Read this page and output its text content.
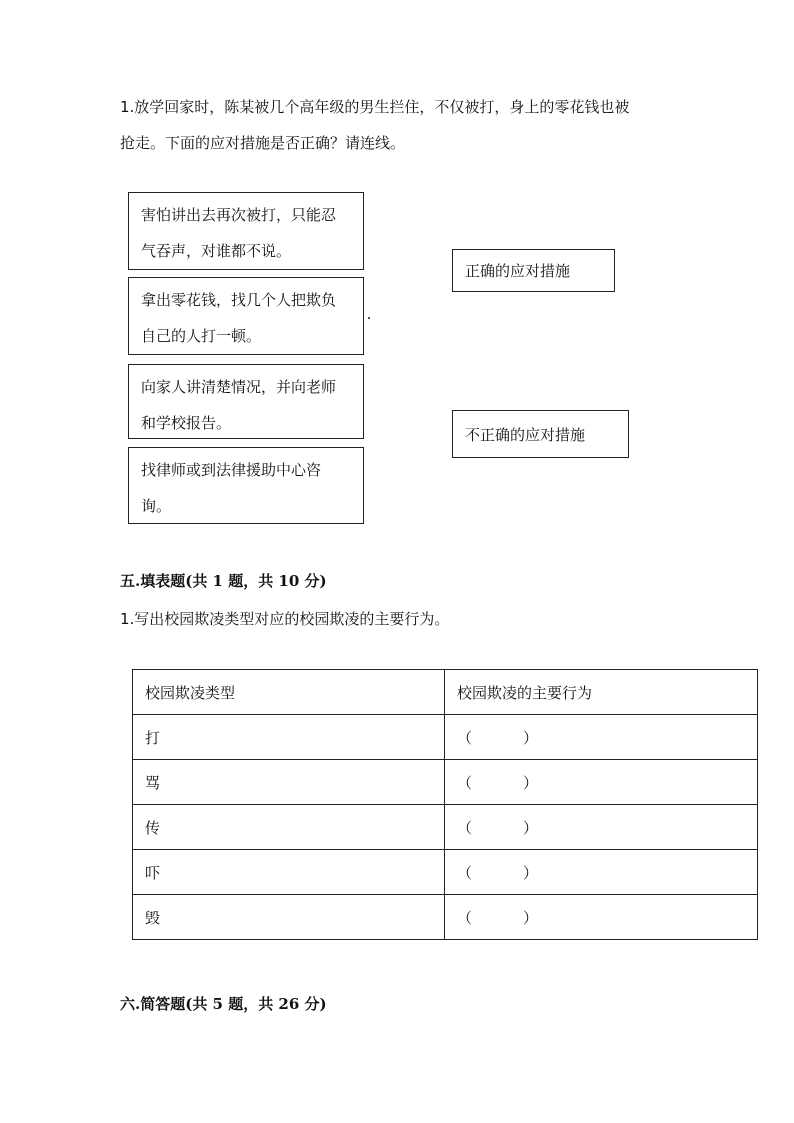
1.放学回家时，陈某被几个高年级的男生拦住，不仅被打，身上的零花钱也被
抢走。下面的应对措施是否正确？请连线。
害怕讲出去再次被打，只能忍
气吞声，对谁都不说。
拿出零花钱，找几个人把欺负
自己的人打一顿。
向家人讲清楚情况，并向老师
和学校报告。
找律师或到法律援助中心咨
询。
正确的应对措施
不正确的应对措施
五.填表题(共 1 题，共 10 分)
1.写出校园欺凌类型对应的校园欺凌的主要行为。
校园欺凌类型	校园欺凌的主要行为
打	（ ）

骂	（ ）

传	（ ）

吓	（ ）

毁	（ ）
六.简答题(共 5 题，共 26 分)
